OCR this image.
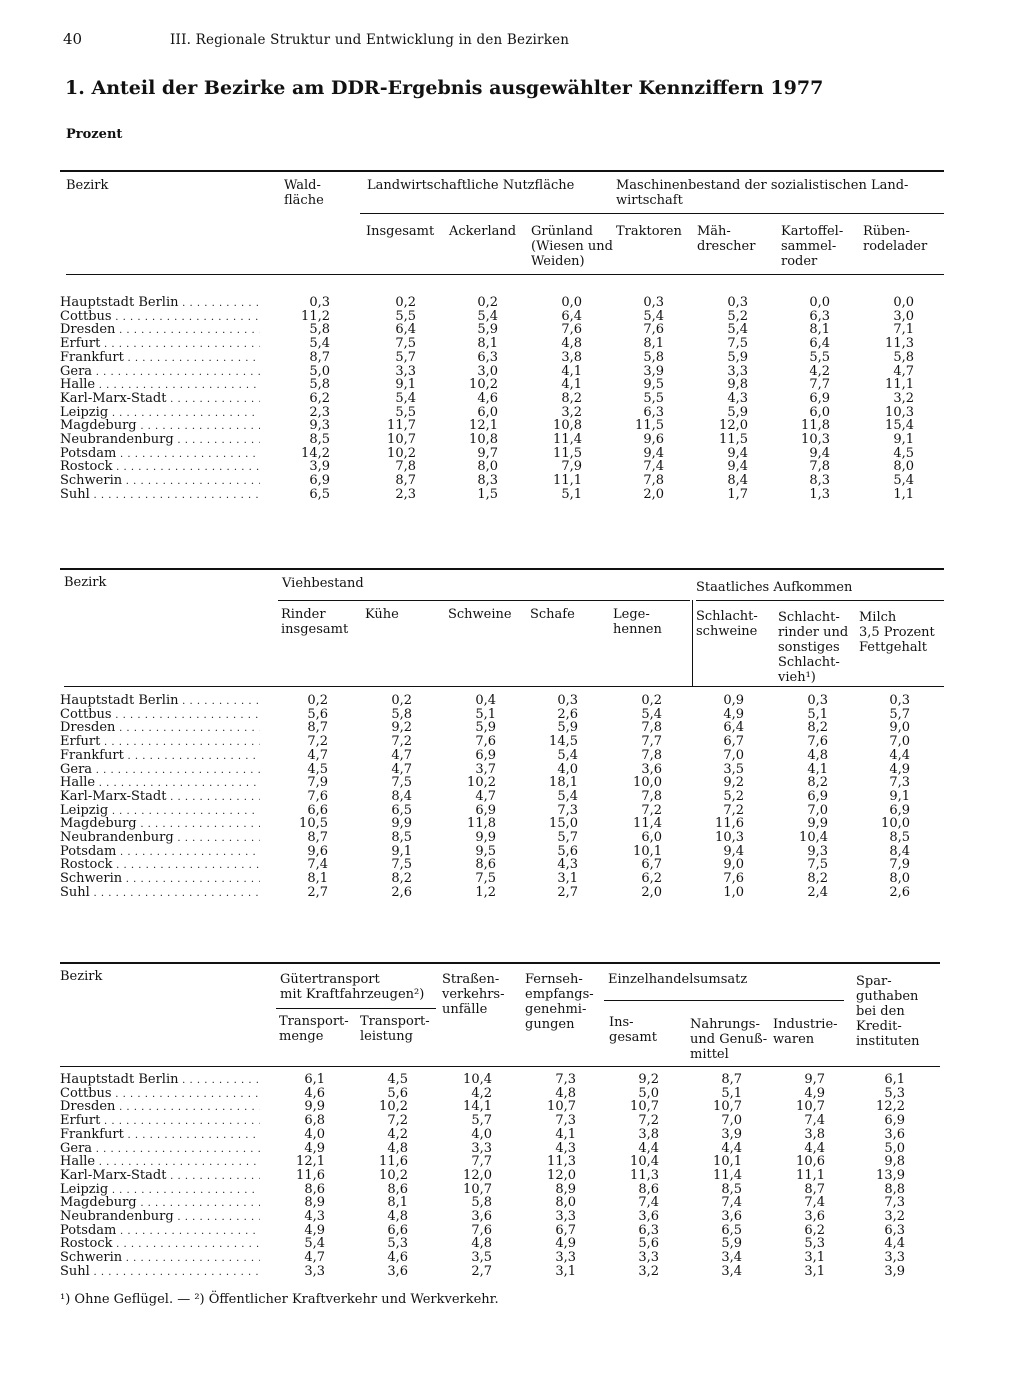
40	III. Regionale Struktur und Entwicklung in den Bezirken
1. Anteil der Bezirke am DDR-Ergebnis ausgewählter Kennziffern 1977
Prozent
Bezirk	Wald-
fläche
Landwirtschaftliche Nutzfläche	Maschinenbestand der sozialistischen Land-
wirtschaft
Insgesamt Ackerland Grünland
(Wiesen und
Weiden)
Traktoren Mäh-
drescher
Kartoffel-
sammel-
roder
Rüben-
rodelader
Hauptstadt Berlin . . .	0,3	0,2	0,2	0,0	0,3	0,3	0,0	0,0
Cottbus . . .	11,2	5,5	5,4	6,4	5,4	5,2	6,3	3,0
Dresden . . .	5,8	6,4	5,9	7,6	7,6	5,4	8,1	7,1
Erfurt . . .	5,4	7,5	8,1	4,8	8,1	7,5	6,4	11,3
Frankfurt . . .	8,7	5,7	6,3	3,8	5,8	5,9	5,5	5,8
Gera . . .	5,0	3,3	3,0	4,1	3,9	3,3	4,2	4,7
Halle . . .	5,8	9,1	10,2	4,1	9,5	9,8	7,7	11,1
Karl-Marx-Stadt . . .	6,2	5,4	4,6	8,2	5,5	4,3	6,9	3,2
Leipzig . . .	2,3	5,5	6,0	3,2	6,3	5,9	6,0	10,3
Magdeburg . . .	9,3	11,7	12,1	10,8	11,5	12,0	11,8	15,4
Neubrandenburg . . .	8,5	10,7	10,8	11,4	9,6	11,5	10,3	9,1
Potsdam . . .	14,2	10,2	9,7	11,5	9,4	9,4	9,4	4,5
Rostock . . .	3,9	7,8	8,0	7,9	7,4	9,4	7,8	8,0
Schwerin . . .	6,9	8,7	8,3	11,1	7,8	8,4	8,3	5,4
Suhl . . .	6,5	2,3	1,5	5,1	2,0	1,7	1,3	1,1
Bezirk	Viehbestand	Staatliches Aufkommen
Rinder
insgesamt
Kühe	Schweine Schafe	Lege-
hennen
Schlacht-
schweine
Schlacht-
rinder und
sonstiges
Schlacht-
vieh¹)
Milch
3,5 Prozent
Fettgehalt
Hauptstadt Berlin . . .	0,2	0,2	0,4	0,3	0,2	0,9	0,3	0,3
Cottbus . . .	5,6	5,8	5,1	2,6	5,4	4,9	5,1	5,7
Dresden . . .	8,7	9,2	5,9	5,9	7,8	6,4	8,2	9,0
Erfurt . . .	7,2	7,2	7,6	14,5	7,7	6,7	7,6	7,0
Frankfurt . . .	4,7	4,7	6,9	5,4	7,8	7,0	4,8	4,4
Gera . . .	4,5	4,7	3,7	4,0	3,6	3,5	4,1	4,9
Halle . . .	7,9	7,5	10,2	18,1	10,0	9,2	8,2	7,3
Karl-Marx-Stadt . . .	7,6	8,4	4,7	5,4	7,8	5,2	6,9	9,1
Leipzig . . .	6,6	6,5	6,9	7,3	7,2	7,2	7,0	6,9
Magdeburg . . .	10,5	9,9	11,8	15,0	11,4	11,6	9,9	10,0
Neubrandenburg . . .	8,7	8,5	9,9	5,7	6,0	10,3	10,4	8,5
Potsdam . . .	9,6	9,1	9,5	5,6	10,1	9,4	9,3	8,4
Rostock . . .	7,4	7,5	8,6	4,3	6,7	9,0	7,5	7,9
Schwerin . . .	8,1	8,2	7,5	3,1	6,2	7,6	8,2	8,0
Suhl . . .	2,7	2,6	1,2	2,7	2,0	1,0	2,4	2,6
Bezirk	Gütertransport
mit Kraftfahrzeugen²)
Straßen-
verkehrs-
unfälle
Fernseh-
empfangs-
genehmi-
gungen
Einzelhandelsumsatz	Spar-
guthaben
bei den
Kredit-
instituten
Transport-
menge
Transport-
leistung
Ins-
gesamt
Nahrungs-
und Genuß-
mittel
Industrie-
waren
Hauptstadt Berlin . . .	6,1	4,5	10,4	7,3	9,2	8,7	9,7	6,1
Cottbus . . .	4,6	5,6	4,2	4,8	5,0	5,1	4,9	5,3
Dresden . . .	9,9	10,2	14,1	10,7	10,7	10,7	10,7	12,2
Erfurt . . .	6,8	7,2	5,7	7,3	7,2	7,0	7,4	6,9
Frankfurt . . .	4,0	4,2	4,0	4,1	3,8	3,9	3,8	3,6
Gera . . .	4,9	4,8	3,3	4,3	4,4	4,4	4,4	5,0
Halle . . .	12,1	11,6	7,7	11,3	10,4	10,1	10,6	9,8
Karl-Marx-Stadt . . .	11,6	10,2	12,0	12,0	11,3	11,4	11,1	13,9
Leipzig . . .	8,6	8,6	10,7	8,9	8,6	8,5	8,7	8,8
Magdeburg . . .	8,9	8,1	5,8	8,0	7,4	7,4	7,4	7,3
Neubrandenburg . . .	4,3	4,8	3,6	3,3	3,6	3,6	3,6	3,2
Potsdam . . .	4,9	6,6	7,6	6,7	6,3	6,5	6,2	6,3
Rostock . . .	5,4	5,3	4,8	4,9	5,6	5,9	5,3	4,4
Schwerin . . .	4,7	4,6	3,5	3,3	3,3	3,4	3,1	3,3
Suhl . . .	3,3	3,6	2,7	3,1	3,2	3,4	3,1	3,9
¹) Ohne Geflügel. — ²) Öffentlicher Kraftverkehr und Werkverkehr.
